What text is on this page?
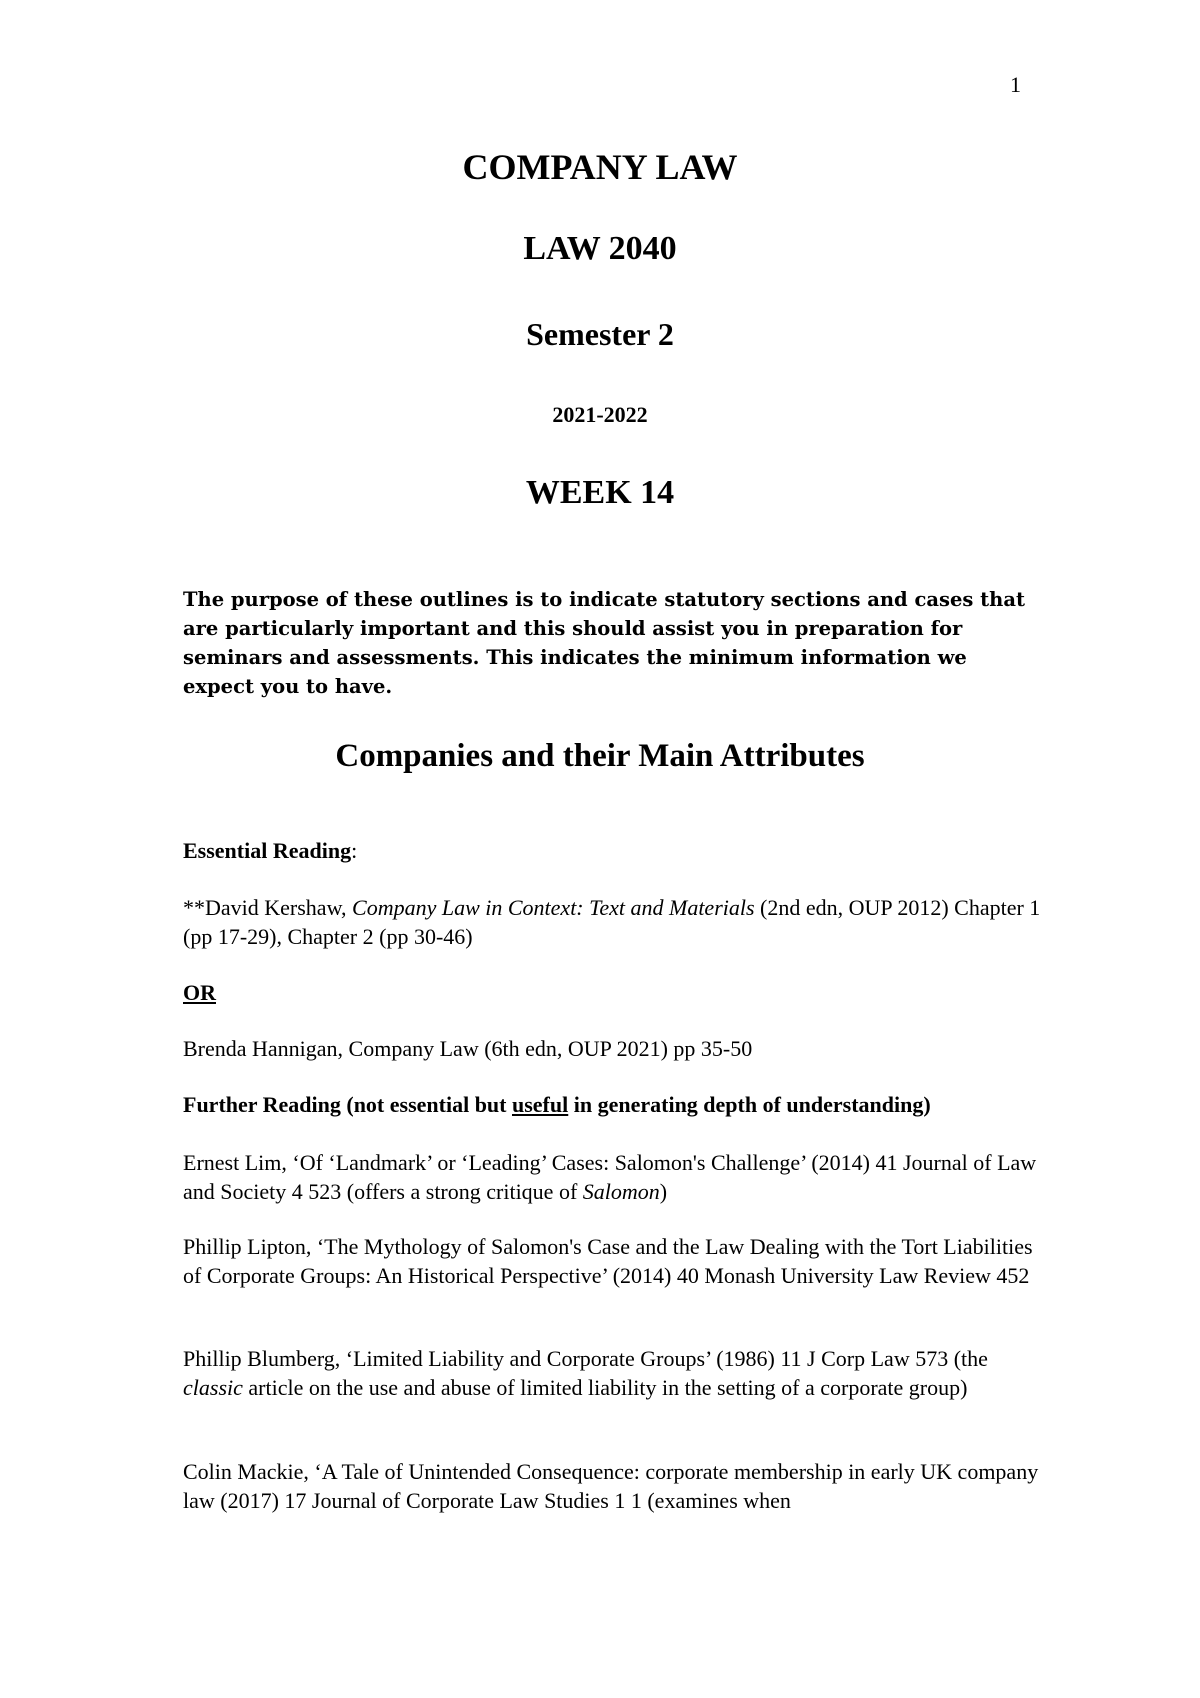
1
COMPANY LAW
LAW 2040
Semester 2
2021-2022
WEEK 14
The purpose of these outlines is to indicate statutory sections and cases that are particularly important and this should assist you in preparation for seminars and assessments. This indicates the minimum information we expect you to have.
Companies and their Main Attributes
Essential Reading:
**David Kershaw, Company Law in Context: Text and Materials (2nd edn, OUP 2012) Chapter 1 (pp 17-29), Chapter 2 (pp 30-46)
OR
Brenda Hannigan, Company Law (6th edn, OUP 2021) pp 35-50
Further Reading (not essential but useful in generating depth of understanding)
Ernest Lim, ‘Of ‘Landmark’ or ‘Leading’ Cases: Salomon's Challenge’ (2014) 41 Journal of Law and Society 4 523 (offers a strong critique of Salomon)
Phillip Lipton, ‘The Mythology of Salomon's Case and the Law Dealing with the Tort Liabilities of Corporate Groups: An Historical Perspective’ (2014) 40 Monash University Law Review 452
Phillip Blumberg, ‘Limited Liability and Corporate Groups’ (1986) 11 J Corp Law 573 (the classic article on the use and abuse of limited liability in the setting of a corporate group)
Colin Mackie, ‘A Tale of Unintended Consequence: corporate membership in early UK company law (2017) 17 Journal of Corporate Law Studies 1 1 (examines when
